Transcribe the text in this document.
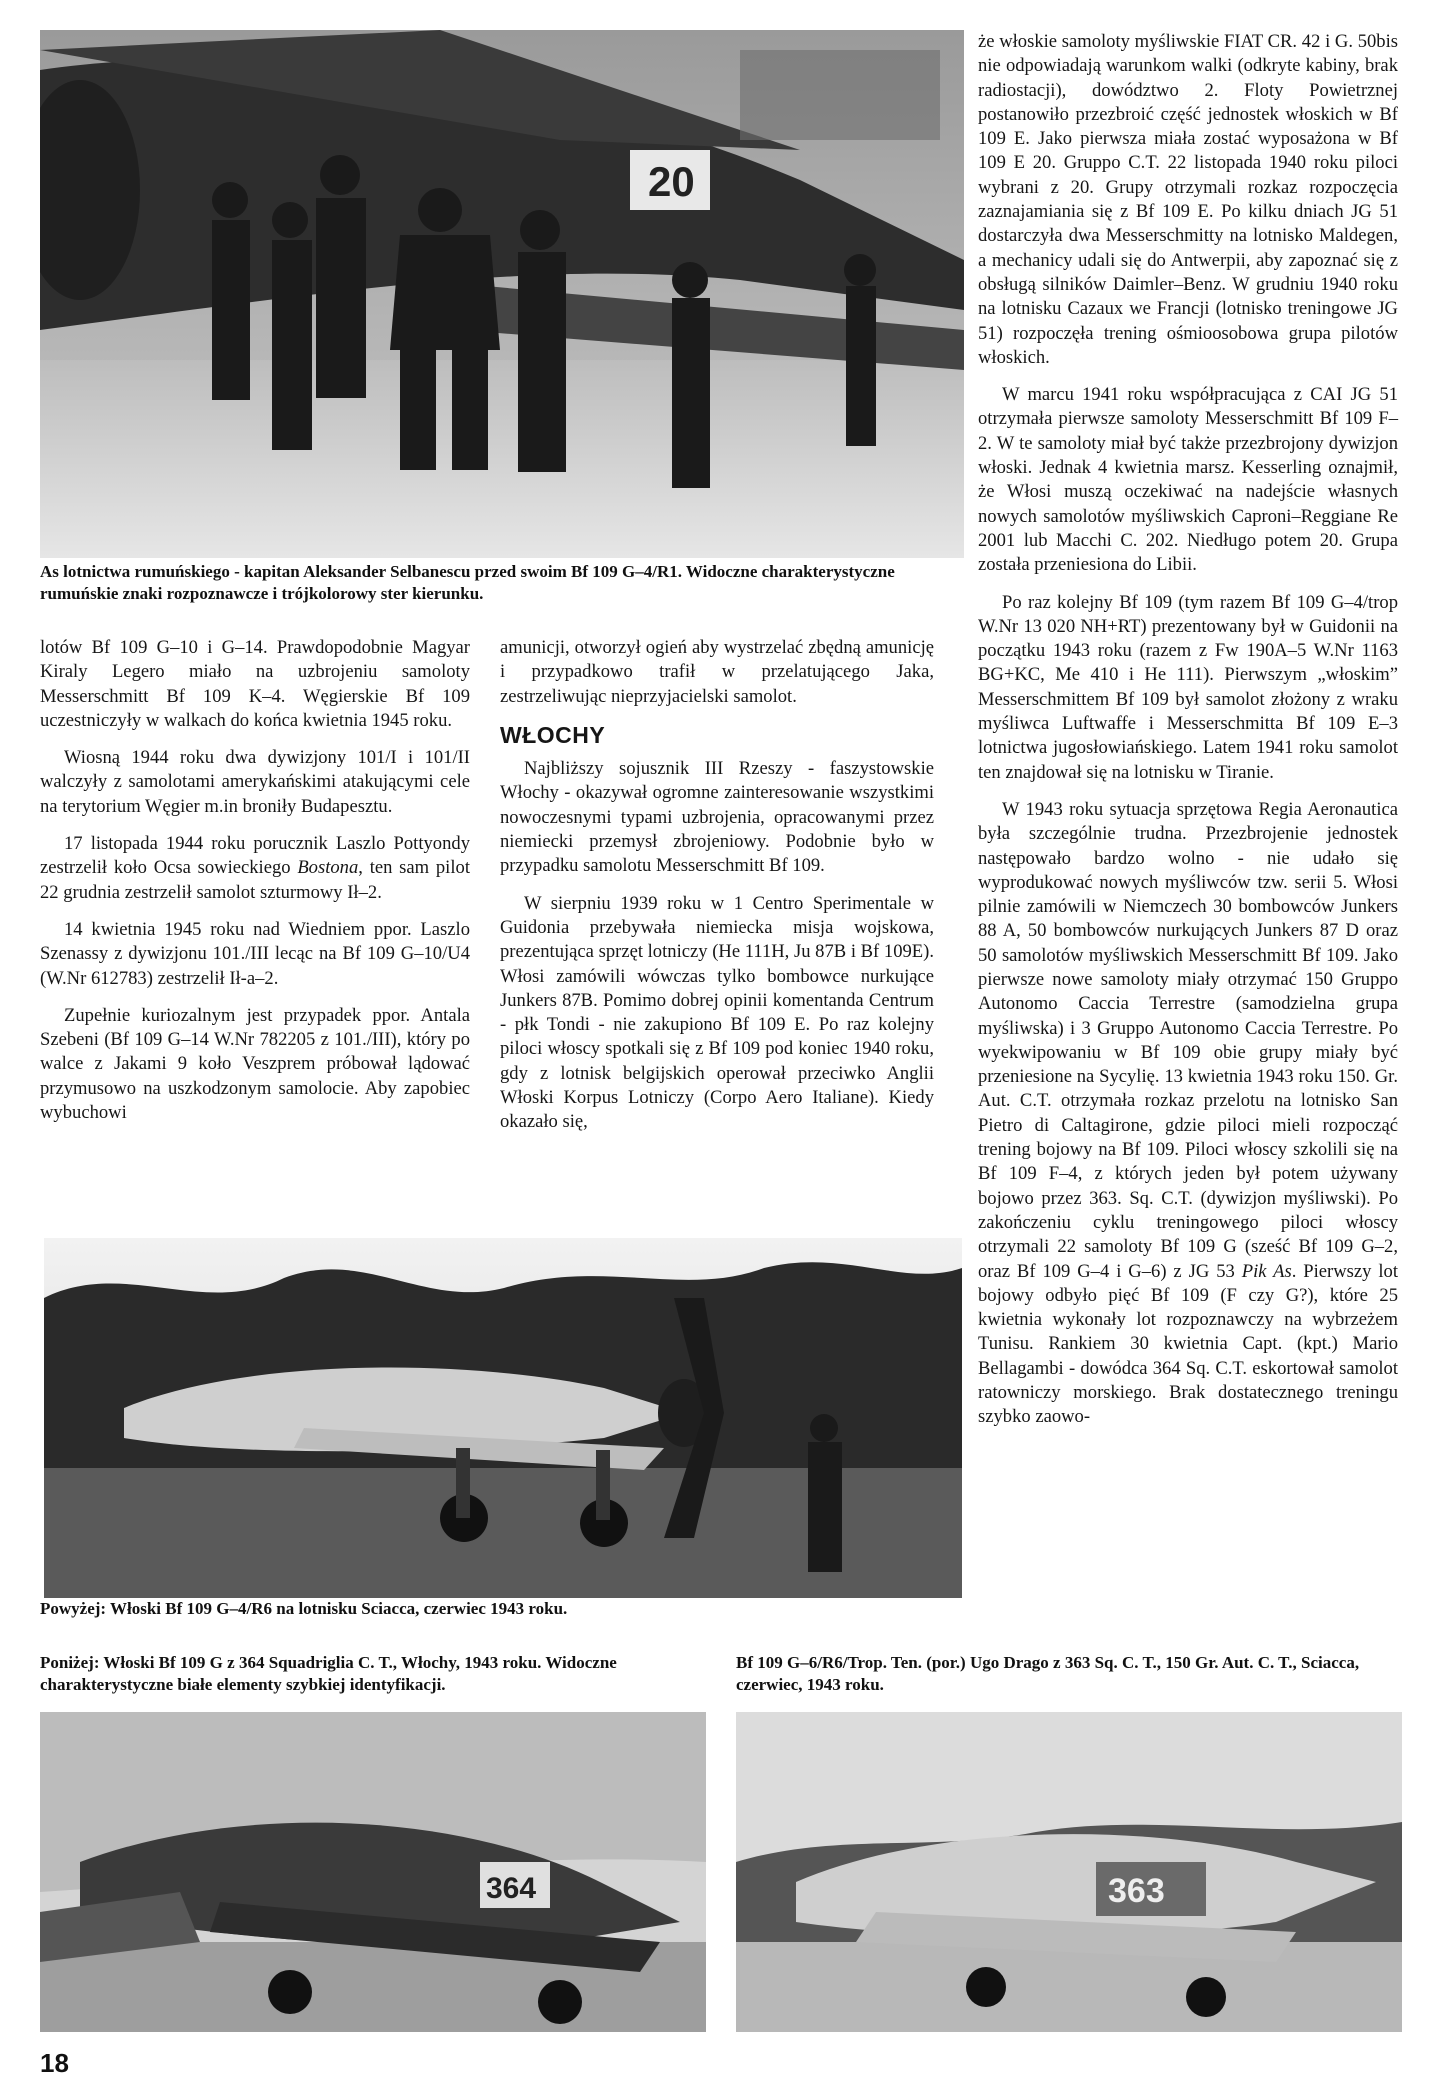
20
As lotnictwa rumuńskiego - kapitan Aleksander Selbanescu przed swoim Bf 109 G–4/R1. Widoczne charakterystyczne rumuńskie znaki rozpoznawcze i trójkolorowy ster kierunku.

że włoskie samoloty myśliwskie FIAT CR. 42 i G. 50bis nie odpowiadają warunkom walki (odkryte kabiny, brak radiostacji), dowództwo 2. Floty Powietrznej postanowiło przezbroić część jednostek włoskich w Bf 109 E. Jako pierwsza miała zostać wyposażona w Bf 109 E 20. Gruppo C.T. 22 listopada 1940 roku piloci wybrani z 20. Grupy otrzymali rozkaz rozpoczęcia zaznajamiania się z Bf 109 E. Po kilku dniach JG 51 dostarczyła dwa Messerschmitty na lotnisko Maldegen, a mechanicy udali się do Antwerpii, aby zapoznać się z obsługą silników Daimler–Benz. W grudniu 1940 roku na lotnisku Cazaux we Francji (lotnisko treningowe JG 51) rozpoczęła trening ośmioosobowa grupa pilotów włoskich.

W marcu 1941 roku współpracująca z CAI JG 51 otrzymała pierwsze samoloty Messerschmitt Bf 109 F–2. W te samoloty miał być także przezbrojony dywizjon włoski. Jednak 4 kwietnia marsz. Kesserling oznajmił, że Włosi muszą oczekiwać na nadejście własnych nowych samolotów myśliwskich Caproni–Reggiane Re 2001 lub Macchi C. 202. Niedługo potem 20. Grupa została przeniesiona do Libii.

Po raz kolejny Bf 109 (tym razem Bf 109 G–4/trop W.Nr 13 020 NH+RT) prezentowany był w Guidonii na początku 1943 roku (razem z Fw 190A–5 W.Nr 1163 BG+KC, Me 410 i He 111). Pierwszym „włoskim” Messerschmittem Bf 109 był samolot złożony z wraku myśliwca Luftwaffe i Messerschmitta Bf 109 E–3 lotnictwa jugosłowiańskiego. Latem 1941 roku samolot ten znajdował się na lotnisku w Tiranie.

W 1943 roku sytuacja sprzętowa Regia Aeronautica była szczególnie trudna. Przezbrojenie jednostek następowało bardzo wolno - nie udało się wyprodukować nowych myśliwców tzw. serii 5. Włosi pilnie zamówili w Niemczech 30 bombowców Junkers 88 A, 50 bombowców nurkujących Junkers 87 D oraz 50 samolotów myśliwskich Messerschmitt Bf 109. Jako pierwsze nowe samoloty miały otrzymać 150 Gruppo Autonomo Caccia Terrestre (samodzielna grupa myśliwska) i 3 Gruppo Autonomo Caccia Terrestre. Po wyekwipowaniu w Bf 109 obie grupy miały być przeniesione na Sycylię. 13 kwietnia 1943 roku 150. Gr. Aut. C.T. otrzymała rozkaz przelotu na lotnisko San Pietro di Caltagirone, gdzie piloci mieli rozpocząć trening bojowy na Bf 109. Piloci włoscy szkolili się na Bf 109 F–4, z których jeden był potem używany bojowo przez 363. Sq. C.T. (dywizjon myśliwski). Po zakończeniu cyklu treningowego piloci włoscy otrzymali 22 samoloty Bf 109 G (sześć Bf 109 G–2, oraz Bf 109 G–4 i G–6) z JG 53 Pik As. Pierwszy lot bojowy odbyło pięć Bf 109 (F czy G?), które 25 kwietnia wykonały lot rozpoznawczy na wybrzeżem Tunisu. Rankiem 30 kwietnia Capt. (kpt.) Mario Bellagambi - dowódca 364 Sq. C.T. eskortował samolot ratowniczy morskiego. Brak dostatecznego treningu szybko zaowo-

lotów Bf 109 G–10 i G–14. Prawdopodobnie Magyar Kiraly Legero miało na uzbrojeniu samoloty Messerschmitt Bf 109 K–4. Węgierskie Bf 109 uczestniczyły w walkach do końca kwietnia 1945 roku.

Wiosną 1944 roku dwa dywizjony 101/I i 101/II walczyły z samolotami amerykańskimi atakującymi cele na terytorium Węgier m.in broniły Budapesztu.

17 listopada 1944 roku porucznik Laszlo Pottyondy zestrzelił koło Ocsa sowieckiego Bostona, ten sam pilot 22 grudnia zestrzelił samolot szturmowy Ił–2.

14 kwietnia 1945 roku nad Wiedniem ppor. Laszlo Szenassy z dywizjonu 101./III lecąc na Bf 109 G–10/U4 (W.Nr 612783) zestrzelił Ił-a–2.

Zupełnie kuriozalnym jest przypadek ppor. Antala Szebeni (Bf 109 G–14 W.Nr 782205 z 101./III), który po walce z Jakami 9 koło Veszprem próbował lądować przymusowo na uszkodzonym samolocie. Aby zapobiec wybuchowi

amunicji, otworzył ogień aby wystrzelać zbędną amunicję i przypadkowo trafił w przelatującego Jaka, zestrzeliwując nieprzyjacielski samolot.

WŁOCHY

Najbliższy sojusznik III Rzeszy - faszystowskie Włochy - okazywał ogromne zainteresowanie wszystkimi nowoczesnymi typami uzbrojenia, opracowanymi przez niemiecki przemysł zbrojeniowy. Podobnie było w przypadku samolotu Messerschmitt Bf 109.

W sierpniu 1939 roku w 1 Centro Sperimentale w Guidonia przebywała niemiecka misja wojskowa, prezentująca sprzęt lotniczy (He 111H, Ju 87B i Bf 109E). Włosi zamówili wówczas tylko bombowce nurkujące Junkers 87B. Pomimo dobrej opinii komentanda Centrum - płk Tondi - nie zakupiono Bf 109 E. Po raz kolejny piloci włoscy spotkali się z Bf 109 pod koniec 1940 roku, gdy z lotnisk belgijskich operował przeciwko Anglii Włoski Korpus Lotniczy (Corpo Aero Italiane). Kiedy okazało się,

Powyżej: Włoski Bf 109 G–4/R6 na lotnisku Sciacca, czerwiec 1943 roku.
Poniżej: Włoski Bf 109 G z 364 Squadriglia C. T., Włochy, 1943 roku. Widoczne charakterystyczne białe elementy szybkiej identyfikacji.
Bf 109 G–6/R6/Trop. Ten. (por.) Ugo Drago z 363 Sq. C. T., 150 Gr. Aut. C. T., Sciacca, czerwiec, 1943 roku.
364	363
18
